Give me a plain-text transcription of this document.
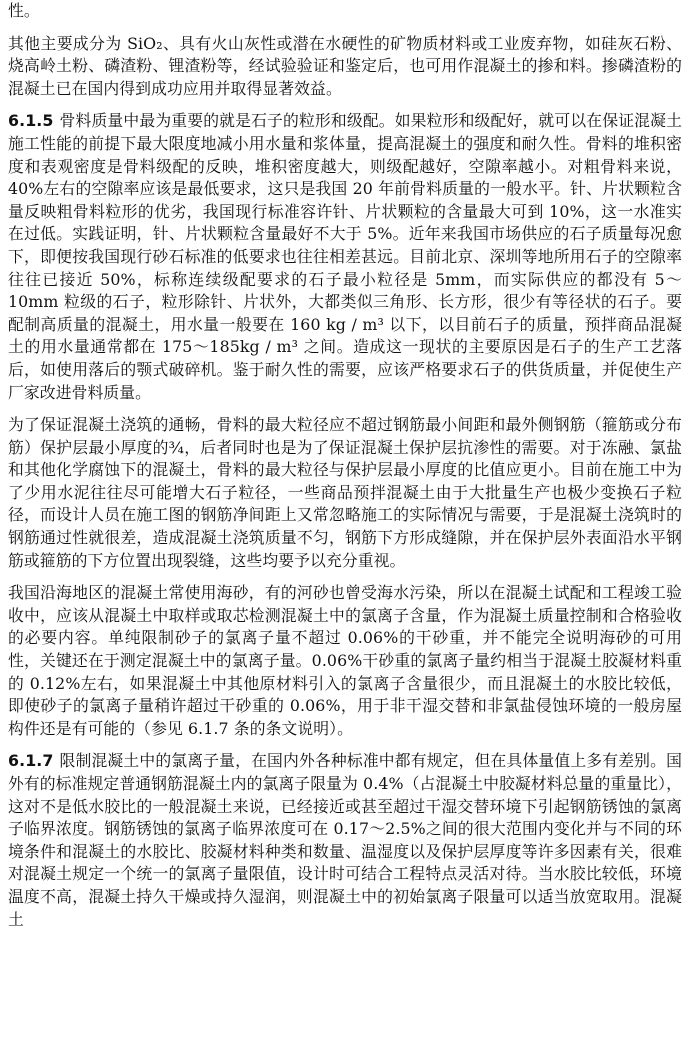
性。

其他主要成分为 SiO₂、具有火山灰性或潜在水硬性的矿物质材料或工业废弃物，如硅灰石粉、烧高岭土粉、磷渣粉、锂渣粉等，经试验验证和鉴定后，也可用作混凝土的掺和料。掺磷渣粉的混凝土已在国内得到成功应用并取得显著效益。

6.1.5 骨料质量中最为重要的就是石子的粒形和级配。如果粒形和级配好，就可以在保证混凝土施工性能的前提下最大限度地减小用水量和浆体量，提高混凝土的强度和耐久性。骨料的堆积密度和表观密度是骨料级配的反映，堆积密度越大，则级配越好，空隙率越小。对粗骨料来说，40%左右的空隙率应该是最低要求，这只是我国 20 年前骨料质量的一般水平。针、片状颗粒含量反映粗骨料粒形的优劣，我国现行标准容许针、片状颗粒的含量最大可到 10%，这一水准实在过低。实践证明，针、片状颗粒含量最好不大于 5%。近年来我国市场供应的石子质量每况愈下，即便按我国现行砂石标准的低要求也往往相差甚远。目前北京、深圳等地所用石子的空隙率往往已接近 50%，标称连续级配要求的石子最小粒径是 5mm，而实际供应的都没有 5～10mm 粒级的石子，粒形除针、片状外，大都类似三角形、长方形，很少有等径状的石子。要配制高质量的混凝土，用水量一般要在 160 kg / m³ 以下，以目前石子的质量，预拌商品混凝土的用水量通常都在 175～185kg / m³ 之间。造成这一现状的主要原因是石子的生产工艺落后，如使用落后的颚式破碎机。鉴于耐久性的需要，应该严格要求石子的供货质量，并促使生产厂家改进骨料质量。

为了保证混凝土浇筑的通畅，骨料的最大粒径应不超过钢筋最小间距和最外侧钢筋（箍筋或分布筋）保护层最小厚度的¾，后者同时也是为了保证混凝土保护层抗渗性的需要。对于冻融、氯盐和其他化学腐蚀下的混凝土，骨料的最大粒径与保护层最小厚度的比值应更小。目前在施工中为了少用水泥往往尽可能增大石子粒径，一些商品预拌混凝土由于大批量生产也极少变换石子粒径，而设计人员在施工图的钢筋净间距上又常忽略施工的实际情况与需要，于是混凝土浇筑时的钢筋通过性就很差，造成混凝土浇筑质量不匀，钢筋下方形成缝隙，并在保护层外表面沿水平钢筋或箍筋的下方位置出现裂缝，这些均要予以充分重视。

我国沿海地区的混凝土常使用海砂，有的河砂也曾受海水污染，所以在混凝土试配和工程竣工验收中，应该从混凝土中取样或取芯检测混凝土中的氯离子含量，作为混凝土质量控制和合格验收的必要内容。单纯限制砂子的氯离子量不超过 0.06%的干砂重，并不能完全说明海砂的可用性，关键还在于测定混凝土中的氯离子量。0.06%干砂重的氯离子量约相当于混凝土胶凝材料重的 0.12%左右，如果混凝土中其他原材料引入的氯离子含量很少，而且混凝土的水胶比较低，即使砂子的氯离子量稍许超过干砂重的 0.06%，用于非干湿交替和非氯盐侵蚀环境的一般房屋构件还是有可能的（参见 6.1.7 条的条文说明）。

6.1.7 限制混凝土中的氯离子量，在国内外各种标准中都有规定，但在具体量值上多有差别。国外有的标准规定普通钢筋混凝土内的氯离子限量为 0.4%（占混凝土中胶凝材料总量的重量比），这对不是低水胶比的一般混凝土来说，已经接近或甚至超过干湿交替环境下引起钢筋锈蚀的氯离子临界浓度。钢筋锈蚀的氯离子临界浓度可在 0.17～2.5%之间的很大范围内变化并与不同的环境条件和混凝土的水胶比、胶凝材料种类和数量、温湿度以及保护层厚度等许多因素有关，很难对混凝土规定一个统一的氯离子量限值，设计时可结合工程特点灵活对待。当水胶比较低，环境温度不高，混凝土持久干燥或持久湿润，则混凝土中的初始氯离子限量可以适当放宽取用。混凝土
